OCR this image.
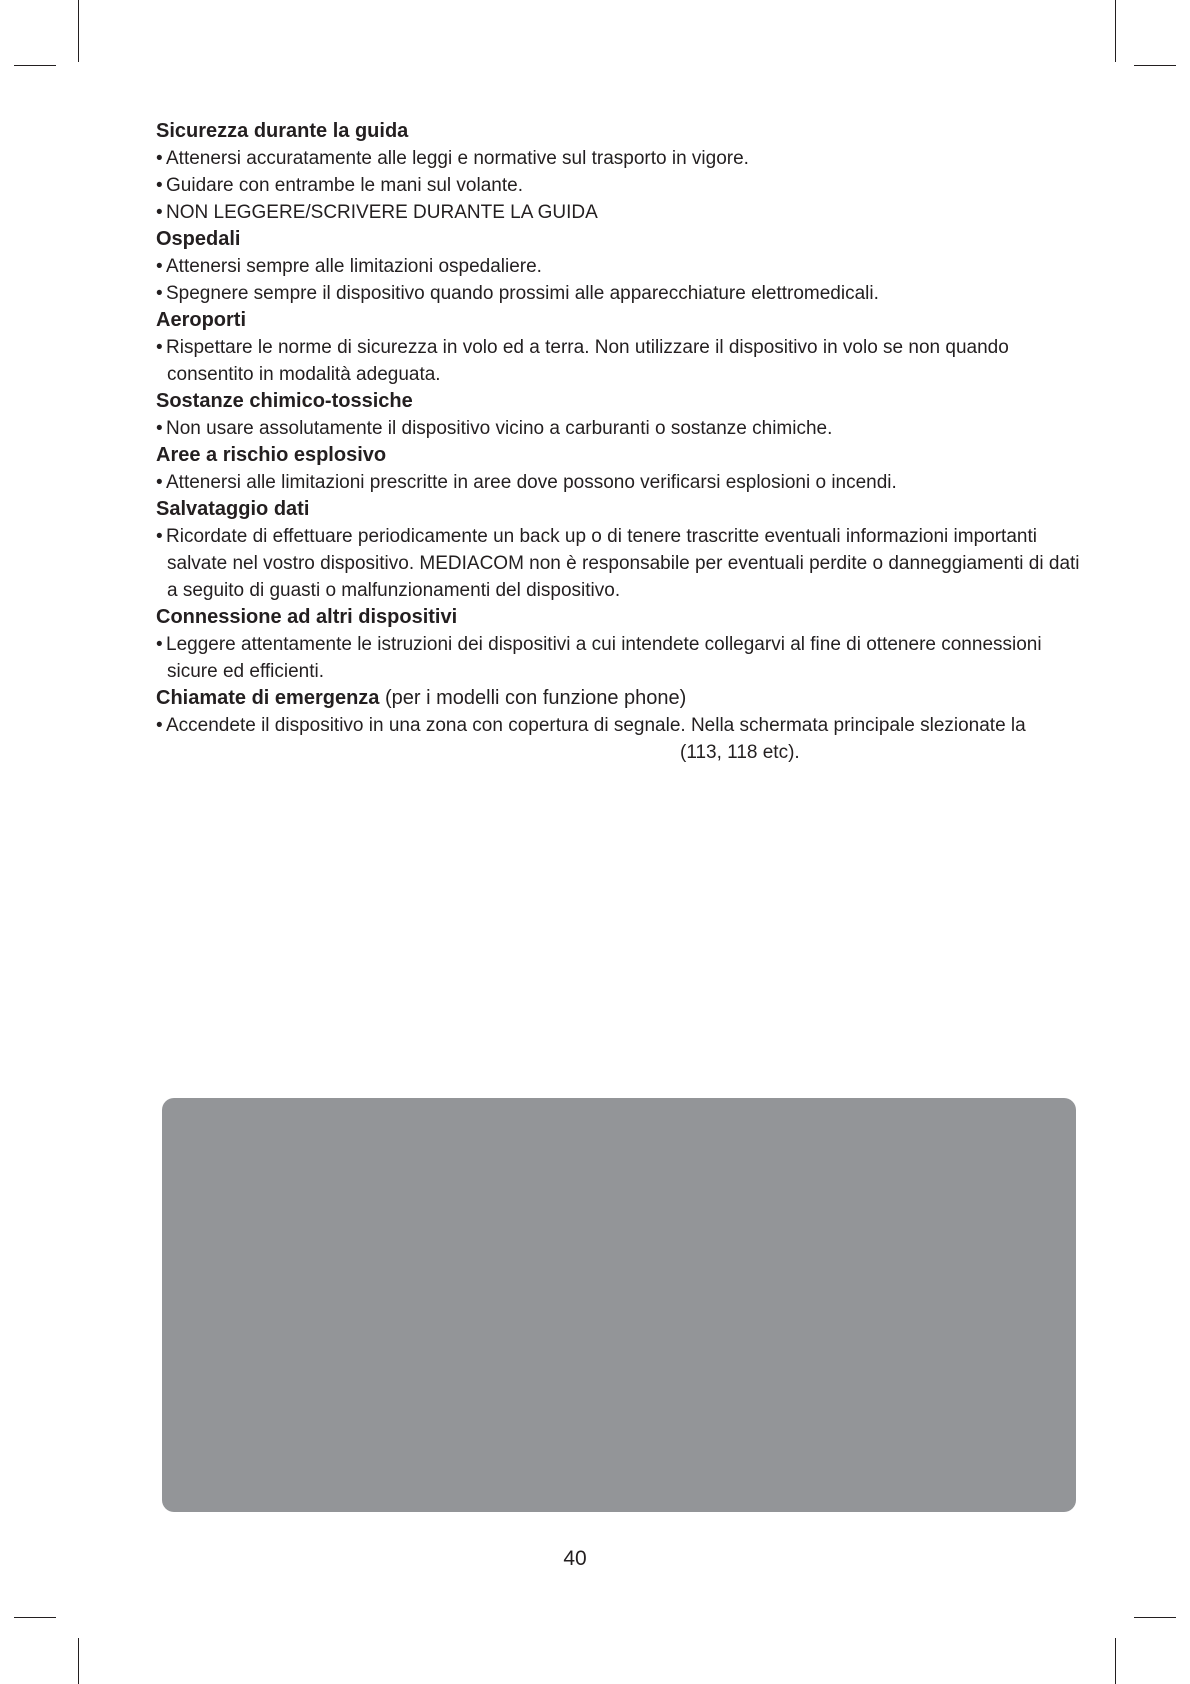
Sicurezza durante la guida
• Attenersi accuratamente alle leggi e normative sul trasporto in vigore.
• Guidare con entrambe le mani sul volante.
• NON LEGGERE/SCRIVERE DURANTE LA GUIDA
Ospedali
• Attenersi sempre alle limitazioni ospedaliere.
• Spegnere sempre il dispositivo quando prossimi alle apparecchiature elettromedicali.
Aeroporti
• Rispettare le norme di sicurezza in volo ed a terra. Non utilizzare il dispositivo in volo se non quando
consentito in modalità adeguata.
Sostanze chimico-tossiche
• Non usare assolutamente il dispositivo vicino a carburanti o sostanze chimiche.
Aree a rischio esplosivo
• Attenersi alle limitazioni prescritte in aree dove possono verificarsi esplosioni o incendi.
Salvataggio dati
• Ricordate di effettuare periodicamente un back up o di tenere trascritte eventuali informazioni importanti
salvate nel vostro dispositivo. MEDIACOM non è responsabile per eventuali perdite o danneggiamenti di dati
a seguito di guasti o malfunzionamenti del dispositivo.
Connessione ad altri dispositivi
• Leggere attentamente le istruzioni dei dispositivi a cui intendete collegarvi al fine di ottenere connessioni
sicure ed efficienti.
Chiamate di emergenza (per i modelli con funzione phone)
• Accendete il dispositivo in una zona con copertura di segnale. Nella schermata principale slezionate la
(113, 118 etc).
40
